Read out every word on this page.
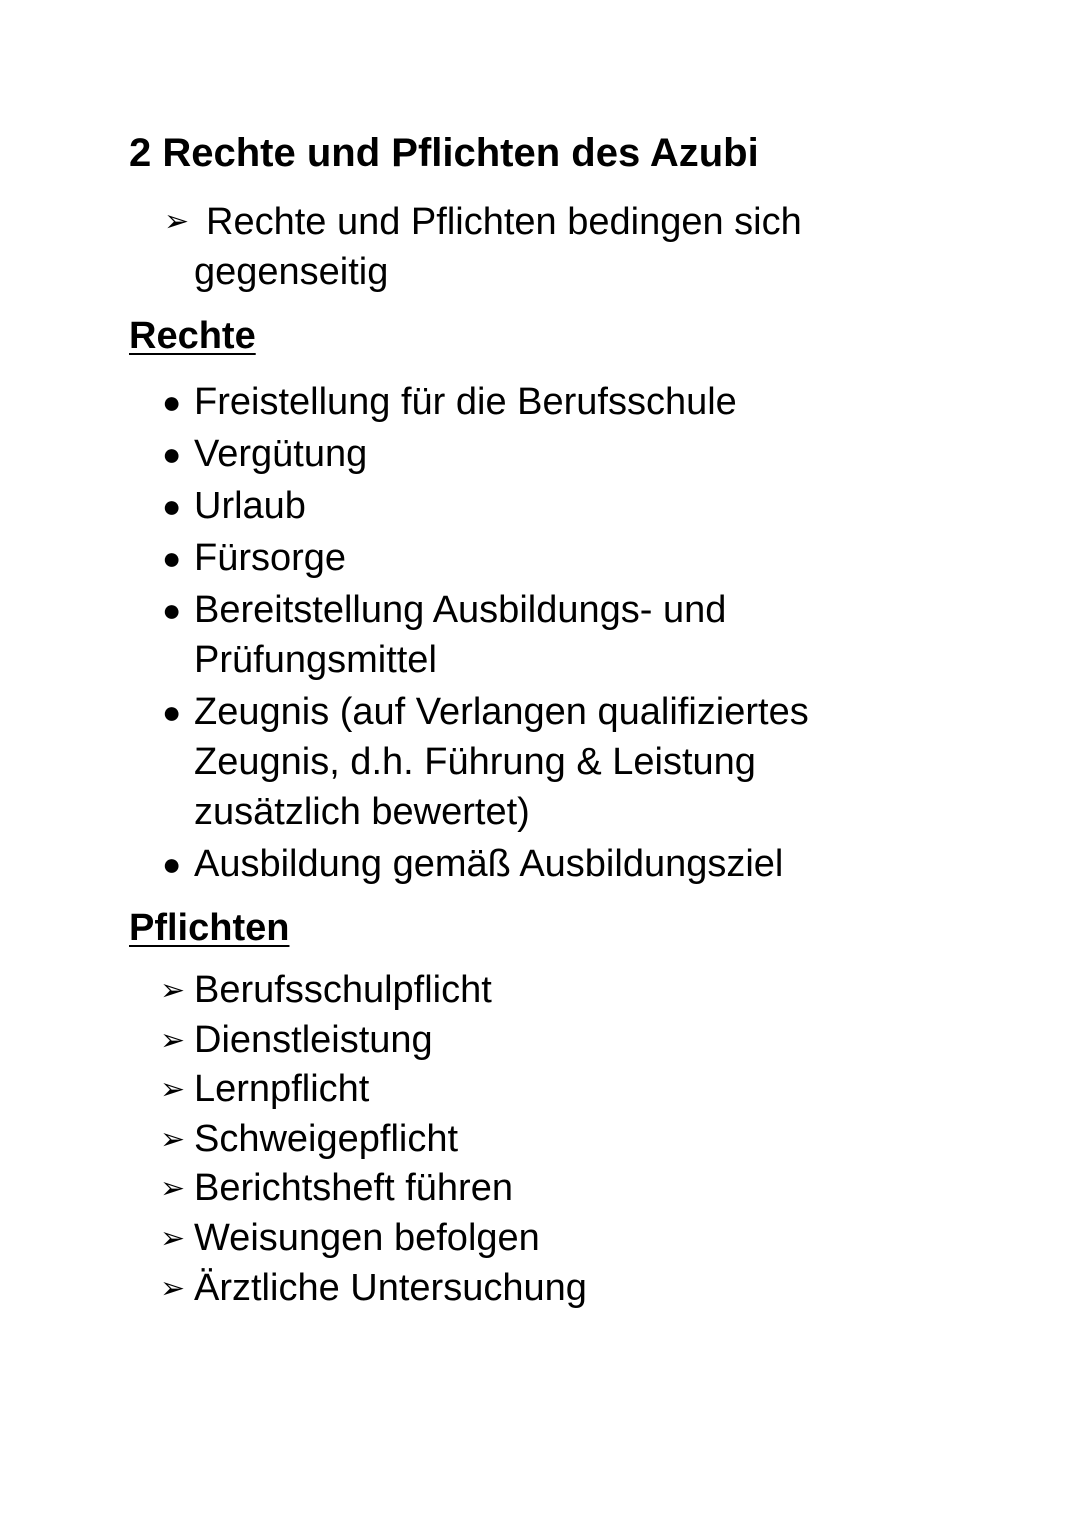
2 Rechte und Pflichten des Azubi
➢ Rechte und Pflichten bedingen sich
gegenseitig
Rechte
● Freistellung für die Berufsschule
● Vergütung
● Urlaub
● Fürsorge
● Bereitstellung Ausbildungs- und Prüfungsmittel
● Zeugnis (auf Verlangen qualifiziertes Zeugnis, d.h. Führung & Leistung zusätzlich bewertet)
● Ausbildung gemäß Ausbildungsziel
Pflichten
➢ Berufsschulpflicht
➢ Dienstleistung
➢ Lernpflicht
➢ Schweigepflicht
➢ Berichtsheft führen
➢ Weisungen befolgen
➢ Ärztliche Untersuchung
